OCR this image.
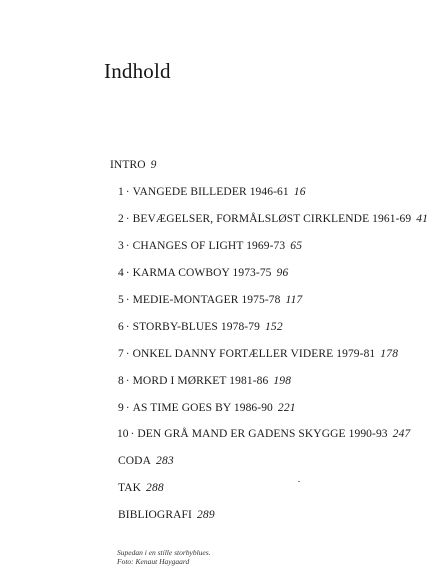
Indhold
INTRO 9
1 · VANGEDE BILLEDER 1946-61 16
2 · BEVÆGELSER, FORMÅLSLØST CIRKLENDE 1961-69 41
3 · CHANGES OF LIGHT 1969-73 65
4 · KARMA COWBOY 1973-75 96
5 · MEDIE-MONTAGER 1975-78 117
6 · STORBY-BLUES 1978-79 152
7 · ONKEL DANNY FORTÆLLER VIDERE 1979-81 178
8 · MORD I MØRKET 1981-86 198
9 · AS TIME GOES BY 1986-90 221
10 · DEN GRÅ MAND ER GADENS SKYGGE 1990-93 247
CODA 283
TAK 288
BIBLIOGRAFI 289
Supedan i en stille storbyblues.
Foto: Kenaut Haygaard
